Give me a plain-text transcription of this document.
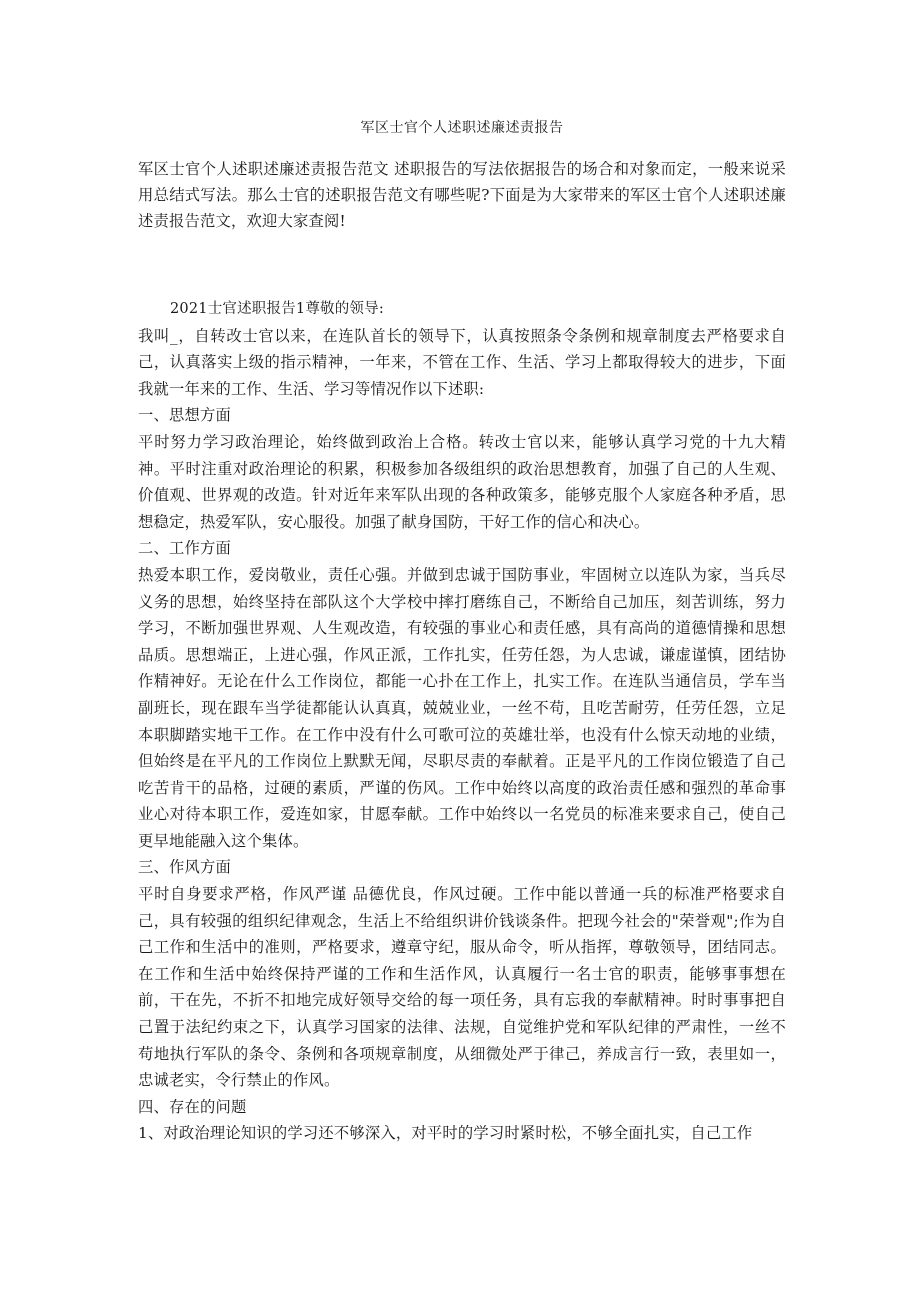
军区士官个人述职述廉述责报告

军区士官个人述职述廉述责报告范文 述职报告的写法依据报告的场合和对象而定，一般来说采用总结式写法。那么士官的述职报告范文有哪些呢?下面是为大家带来的军区士官个人述职述廉述责报告范文，欢迎大家查阅!

2021士官述职报告1尊敬的领导:

我叫_，自转改士官以来，在连队首长的领导下，认真按照条令条例和规章制度去严格要求自己，认真落实上级的指示精神，一年来，不管在工作、生活、学习上都取得较大的进步，下面我就一年来的工作、生活、学习等情况作以下述职:

一、思想方面

平时努力学习政治理论，始终做到政治上合格。转改士官以来，能够认真学习党的十九大精神。平时注重对政治理论的积累，积极参加各级组织的政治思想教育，加强了自己的人生观、价值观、世界观的改造。针对近年来军队出现的各种政策多，能够克服个人家庭各种矛盾，思想稳定，热爱军队，安心服役。加强了献身国防，干好工作的信心和决心。

二、工作方面

热爱本职工作，爱岗敬业，责任心强。并做到忠诚于国防事业，牢固树立以连队为家，当兵尽义务的思想，始终坚持在部队这个大学校中摔打磨练自己，不断给自己加压，刻苦训练，努力学习，不断加强世界观、人生观改造，有较强的事业心和责任感，具有高尚的道德情操和思想品质。思想端正，上进心强，作风正派，工作扎实，任劳任怨，为人忠诚，谦虚谨慎，团结协作精神好。无论在什么工作岗位，都能一心扑在工作上，扎实工作。在连队当通信员，学车当副班长，现在跟车当学徒都能认认真真，兢兢业业，一丝不苟，且吃苦耐劳，任劳任怨，立足本职脚踏实地干工作。在工作中没有什么可歌可泣的英雄壮举，也没有什么惊天动地的业绩，但始终是在平凡的工作岗位上默默无闻，尽职尽责的奉献着。正是平凡的工作岗位锻造了自己吃苦肯干的品格，过硬的素质，严谨的伤风。工作中始终以高度的政治责任感和强烈的革命事业心对待本职工作，爱连如家，甘愿奉献。工作中始终以一名党员的标准来要求自己，使自己更早地能融入这个集体。

三、作风方面

平时自身要求严格，作风严谨 品德优良，作风过硬。工作中能以普通一兵的标准严格要求自己，具有较强的组织纪律观念，生活上不给组织讲价钱谈条件。把现今社会的"荣誉观";作为自己工作和生活中的准则，严格要求，遵章守纪，服从命令，听从指挥，尊敬领导，团结同志。在工作和生活中始终保持严谨的工作和生活作风，认真履行一名士官的职责，能够事事想在前，干在先，不折不扣地完成好领导交给的每一项任务，具有忘我的奉献精神。时时事事把自己置于法纪约束之下，认真学习国家的法律、法规，自觉维护党和军队纪律的严肃性，一丝不苟地执行军队的条令、条例和各项规章制度，从细微处严于律己，养成言行一致，表里如一，忠诚老实，令行禁止的作风。

四、存在的问题

1、对政治理论知识的学习还不够深入，对平时的学习时紧时松，不够全面扎实，自己工作
